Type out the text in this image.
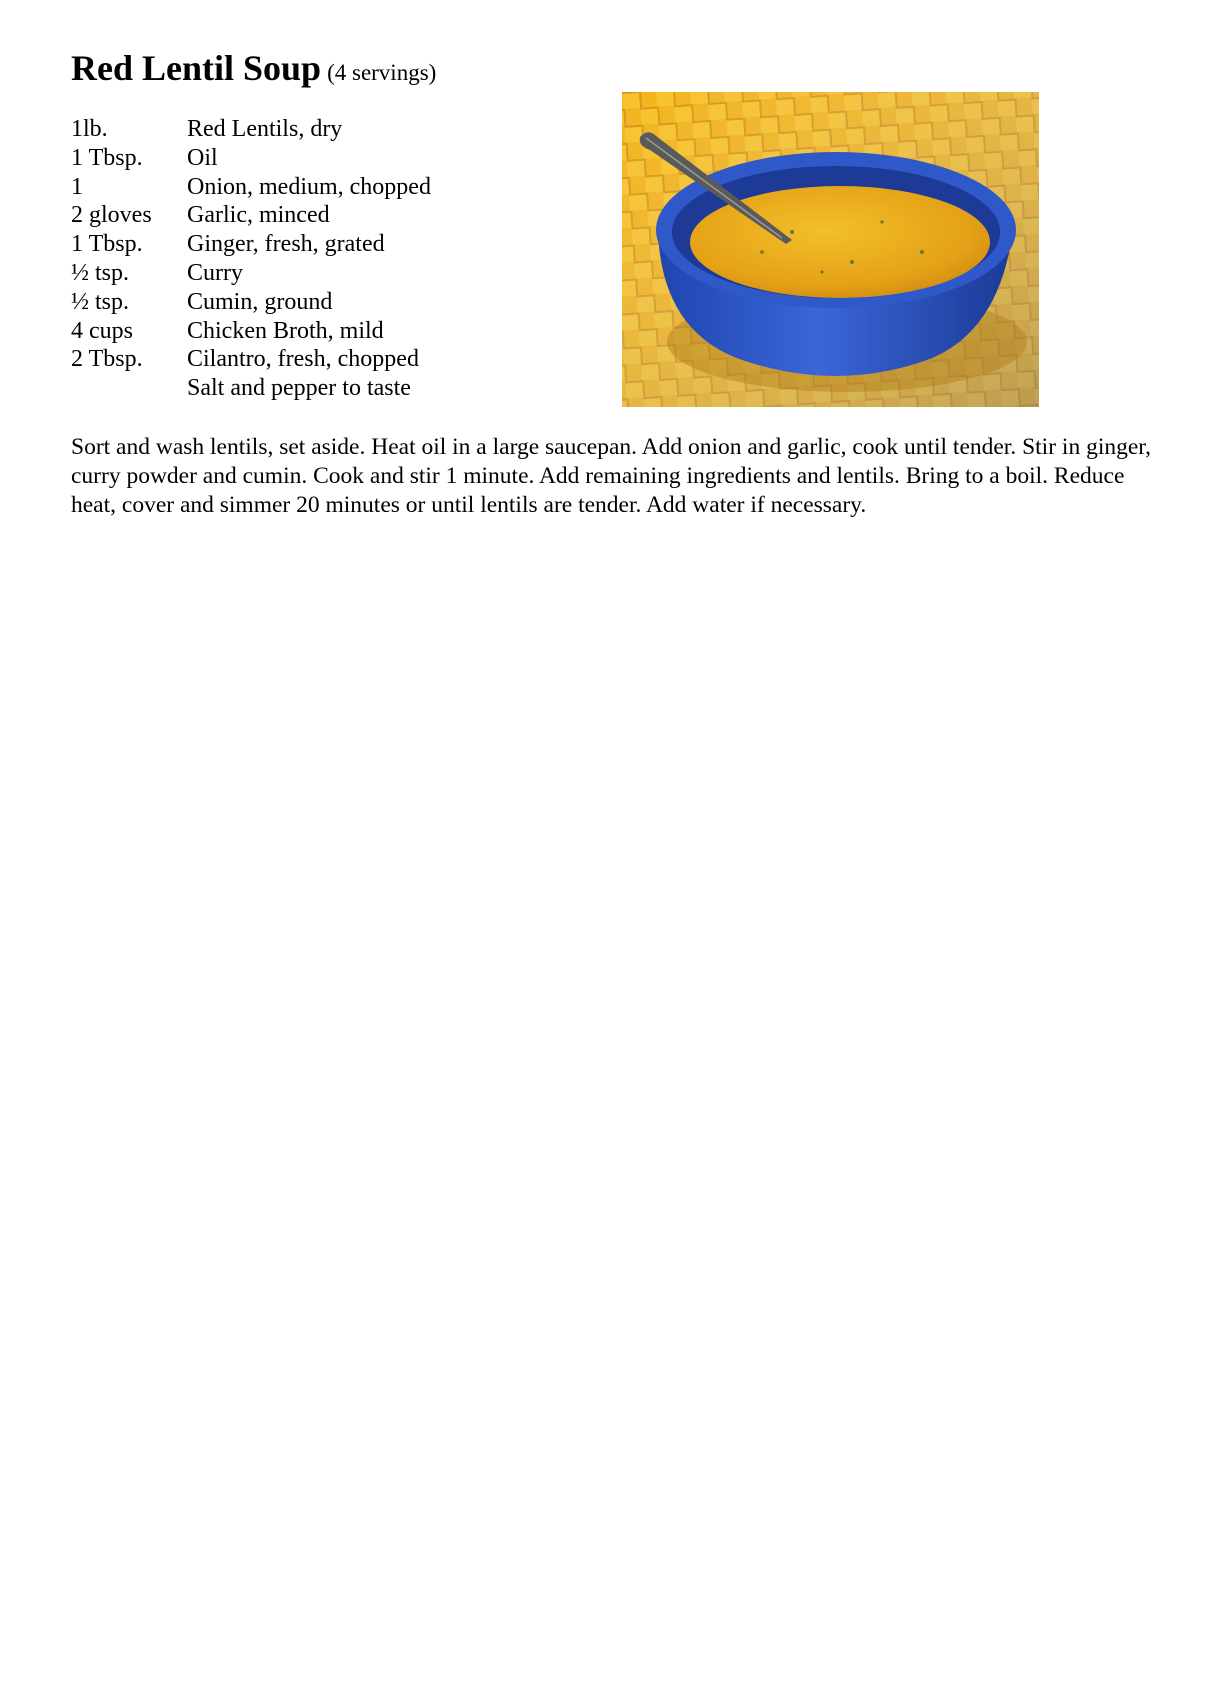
Red Lentil Soup (4 servings)
1lb.	Red Lentils, dry
1 Tbsp.	Oil
1	Onion, medium, chopped
2 gloves	Garlic, minced
1 Tbsp.	Ginger, fresh, grated
½ tsp.	Curry
½ tsp.	Cumin, ground
4 cups	Chicken Broth, mild
2 Tbsp.	Cilantro, fresh, chopped
Salt and pepper to taste
Sort and wash lentils, set aside. Heat oil in a large saucepan. Add onion and garlic, cook until tender. Stir in ginger, curry powder and cumin. Cook and stir 1 minute. Add remaining ingredients and lentils. Bring to a boil. Reduce heat, cover and simmer 20 minutes or until lentils are tender. Add water if necessary.
